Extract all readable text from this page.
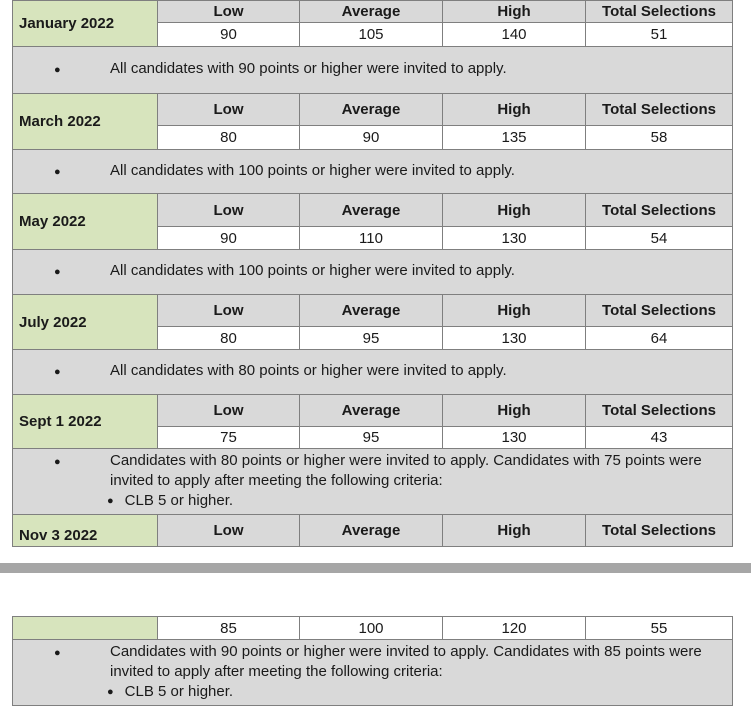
January 2022	Low	Average	High	Total Selections
	90	105	140	51

●
All candidates with 90 points or higher were invited to apply.
March 2022	Low	Average	High	Total Selections
	80	90	135	58

●
All candidates with 100 points or higher were invited to apply.
May 2022	Low	Average	High	Total Selections
	90	110	130	54

●
All candidates with 100 points or higher were invited to apply.
July 2022	Low	Average	High	Total Selections
	80	95	130	64

●
All candidates with 80 points or higher were invited to apply.
Sept 1 2022	Low	Average	High	Total Selections
	75	95	130	43

●
Candidates with 80 points or higher were invited to apply. Candidates with 75 points were invited to apply after meeting the following criteria:
●
CLB 5 or higher.
Nov 3 2022	Low	Average	High	Total Selections
	85	100	120	55

●
Candidates with 90 points or higher were invited to apply. Candidates with 85 points were invited to apply after meeting the following criteria:
●
CLB 5 or higher.
